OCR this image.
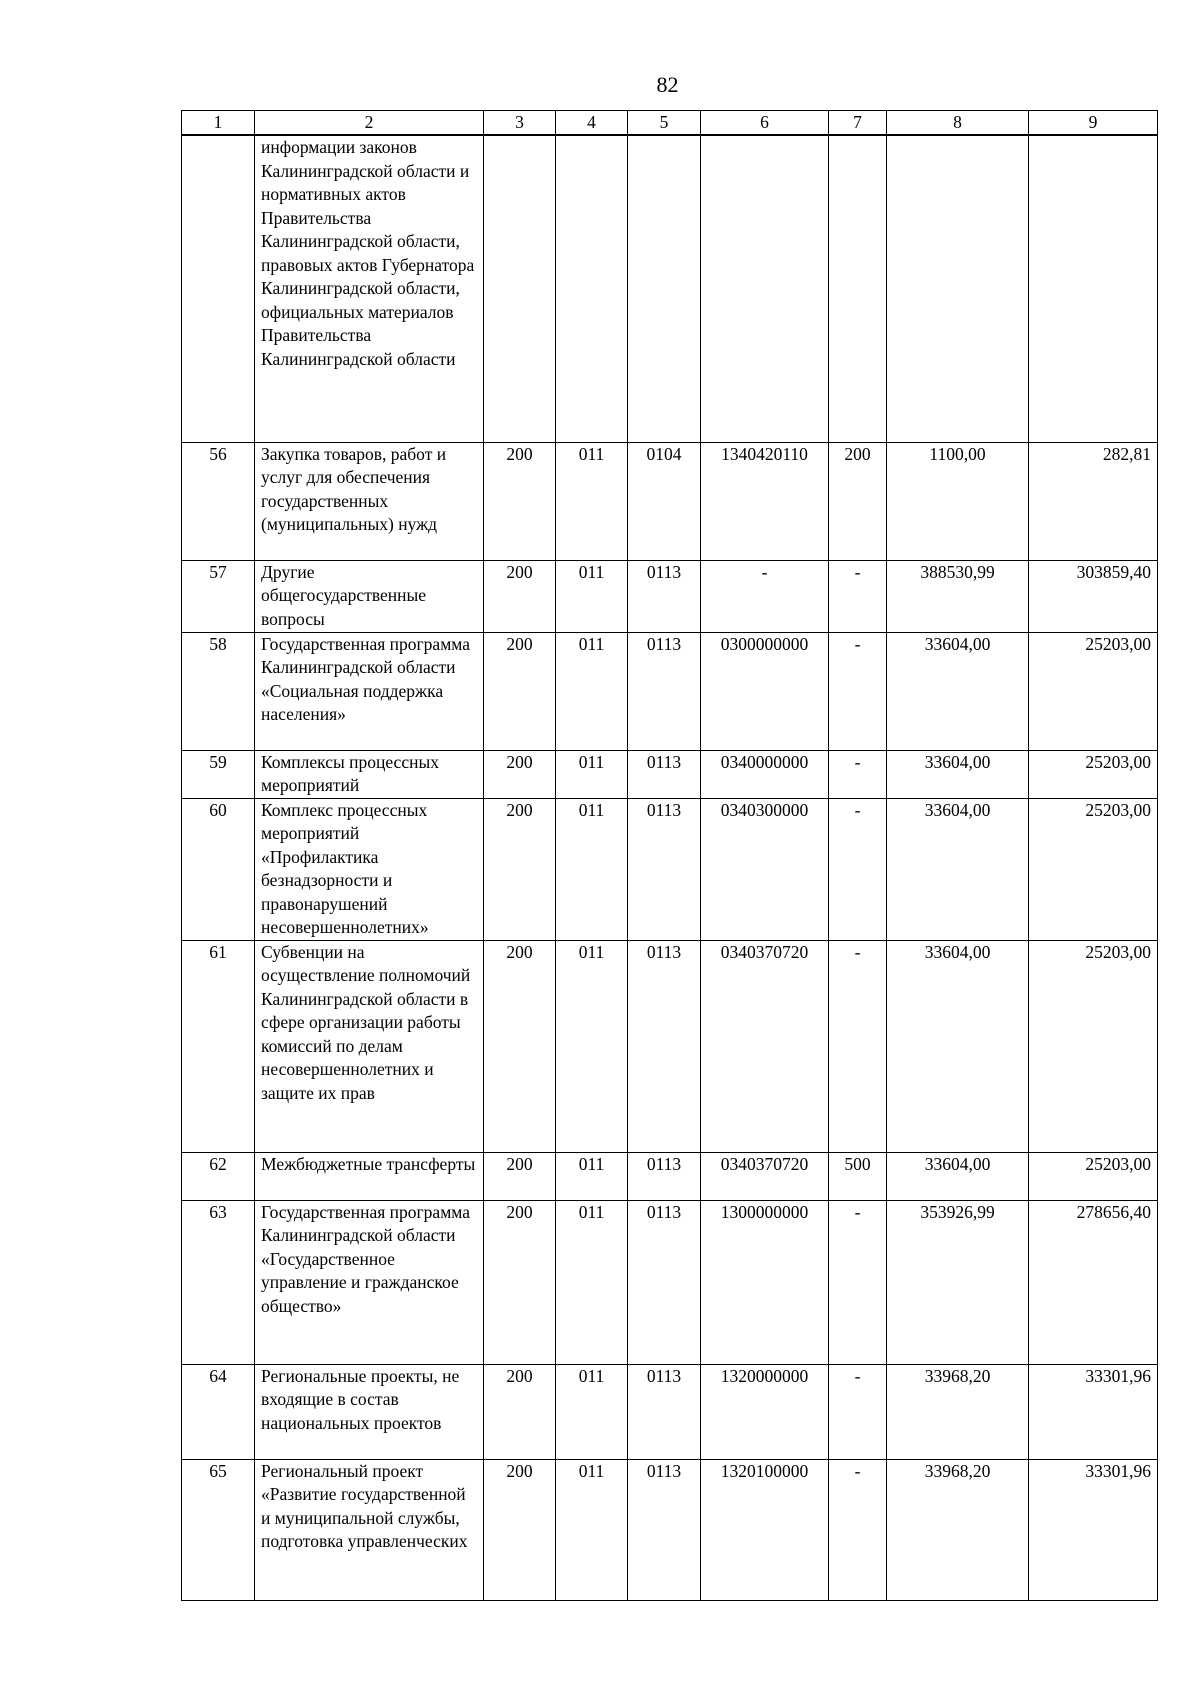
82
1	2	3	4	5	6	7	8	9
	информации законов Калининградской области и нормативных актов Правительства Калининградской области, правовых актов Губернатора Калининградской области, официальных материалов Правительства Калининградской области							
56	Закупка товаров, работ и услуг для обеспечения государственных (муниципальных) нужд	200	011	0104	1340420110	200	1100,00	282,81
57	Другие общегосударственные вопросы	200	011	0113	-	-	388530,99	303859,40
58	Государственная программа Калининградской области «Социальная поддержка населения»	200	011	0113	0300000000	-	33604,00	25203,00
59	Комплексы процессных мероприятий	200	011	0113	0340000000	-	33604,00	25203,00
60	Комплекс процессных мероприятий «Профилактика безнадзорности и правонарушений несовершеннолетних»	200	011	0113	0340300000	-	33604,00	25203,00
61	Субвенции на осуществление полномочий Калининградской области в сфере организации работы комиссий по делам несовершеннолетних и защите их прав	200	011	0113	0340370720	-	33604,00	25203,00
62	Межбюджетные трансферты	200	011	0113	0340370720	500	33604,00	25203,00
63	Государственная программа Калининградской области «Государственное управление и гражданское общество»	200	011	0113	1300000000	-	353926,99	278656,40
64	Региональные проекты, не входящие в состав национальных проектов	200	011	0113	1320000000	-	33968,20	33301,96
65	Региональный проект «Развитие государственной и муниципальной службы, подготовка управленческих	200	011	0113	1320100000	-	33968,20	33301,96
